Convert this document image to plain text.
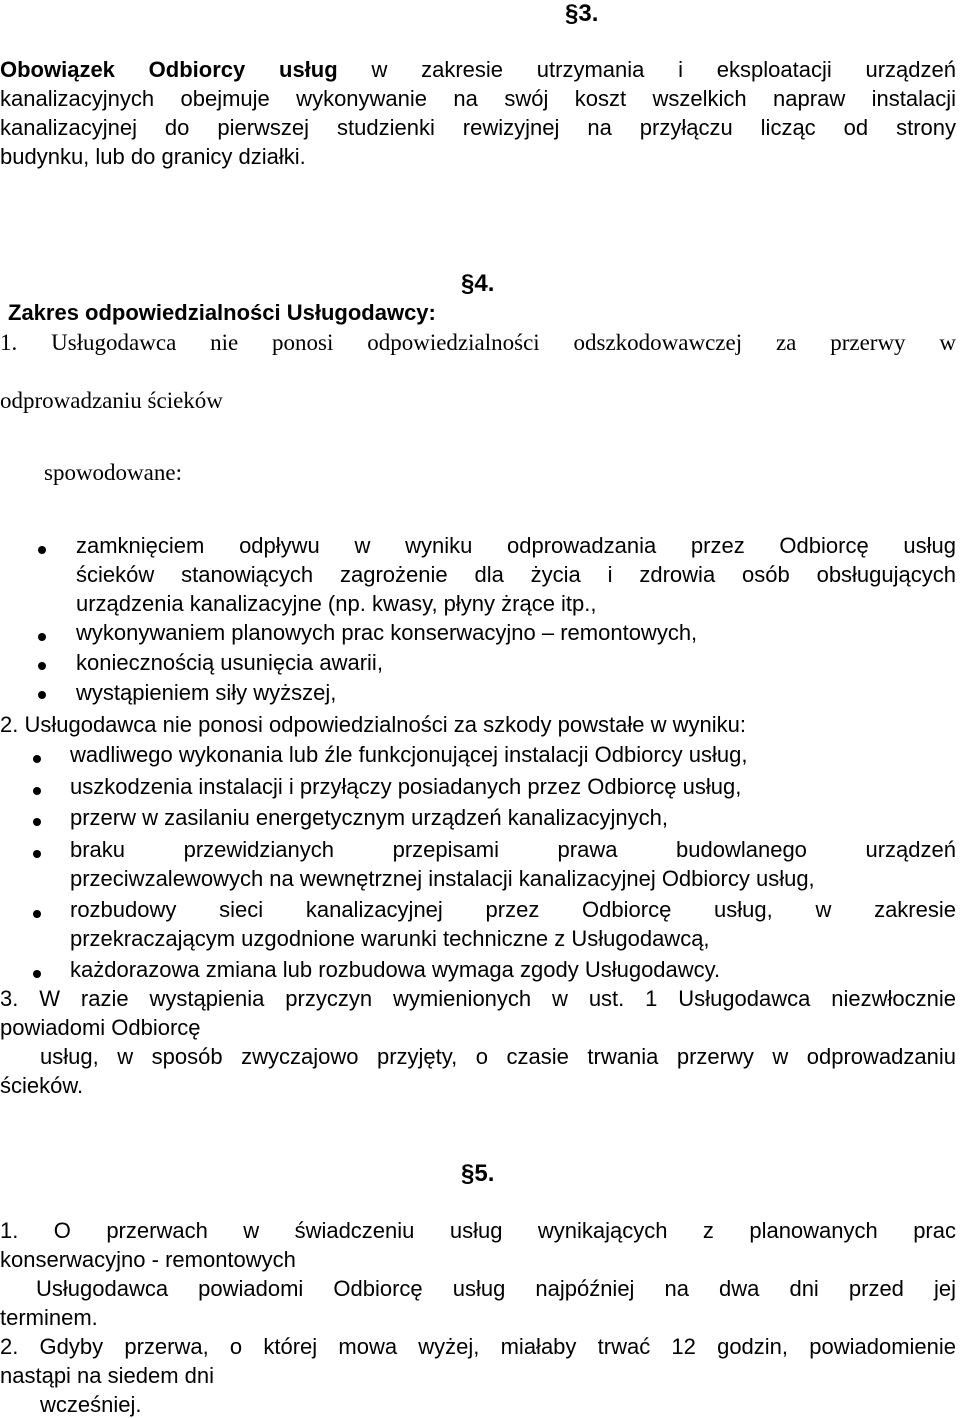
§3.
Obowiązek Odbiorcy usług w zakresie utrzymania i eksploatacji urządzeń
kanalizacyjnych obejmuje wykonywanie na swój koszt wszelkich napraw instalacji
kanalizacyjnej do pierwszej studzienki rewizyjnej na przyłączu licząc od strony
budynku, lub do granicy działki.
§4.
Zakres odpowiedzialności Usługodawcy:
1. Usługodawca nie ponosi odpowiedzialności odszkodowawczej za przerwy w
odprowadzaniu ścieków
spowodowane:
zamknięciem odpływu w wyniku odprowadzania przez Odbiorcę usług
ścieków stanowiących zagrożenie dla życia i zdrowia osób obsługujących
urządzenia kanalizacyjne (np. kwasy, płyny żrące itp.,
wykonywaniem planowych prac konserwacyjno – remontowych,
koniecznością usunięcia awarii,
wystąpieniem siły wyższej,
2. Usługodawca nie ponosi odpowiedzialności za szkody powstałe w wyniku:
wadliwego wykonania lub źle funkcjonującej instalacji Odbiorcy usług,
uszkodzenia instalacji i przyłączy posiadanych przez Odbiorcę usług,
przerw w zasilaniu energetycznym urządzeń kanalizacyjnych,
braku przewidzianych przepisami prawa budowlanego urządzeń
przeciwzalewowych na wewnętrznej instalacji kanalizacyjnej Odbiorcy usług,
rozbudowy sieci kanalizacyjnej przez Odbiorcę usług, w zakresie
przekraczającym uzgodnione warunki techniczne z Usługodawcą,
każdorazowa zmiana lub rozbudowa wymaga zgody Usługodawcy.
3. W razie wystąpienia przyczyn wymienionych w ust. 1 Usługodawca niezwłocznie
powiadomi Odbiorcę
usług, w sposób zwyczajowo przyjęty, o czasie trwania przerwy w odprowadzaniu
ścieków.
§5.
1. O przerwach w świadczeniu usług wynikających z planowanych prac
konserwacyjno - remontowych
Usługodawca powiadomi Odbiorcę usług najpóźniej na dwa dni przed jej
terminem.
2. Gdyby przerwa, o której mowa wyżej, miałaby trwać 12 godzin, powiadomienie
nastąpi na siedem dni
wcześniej.
